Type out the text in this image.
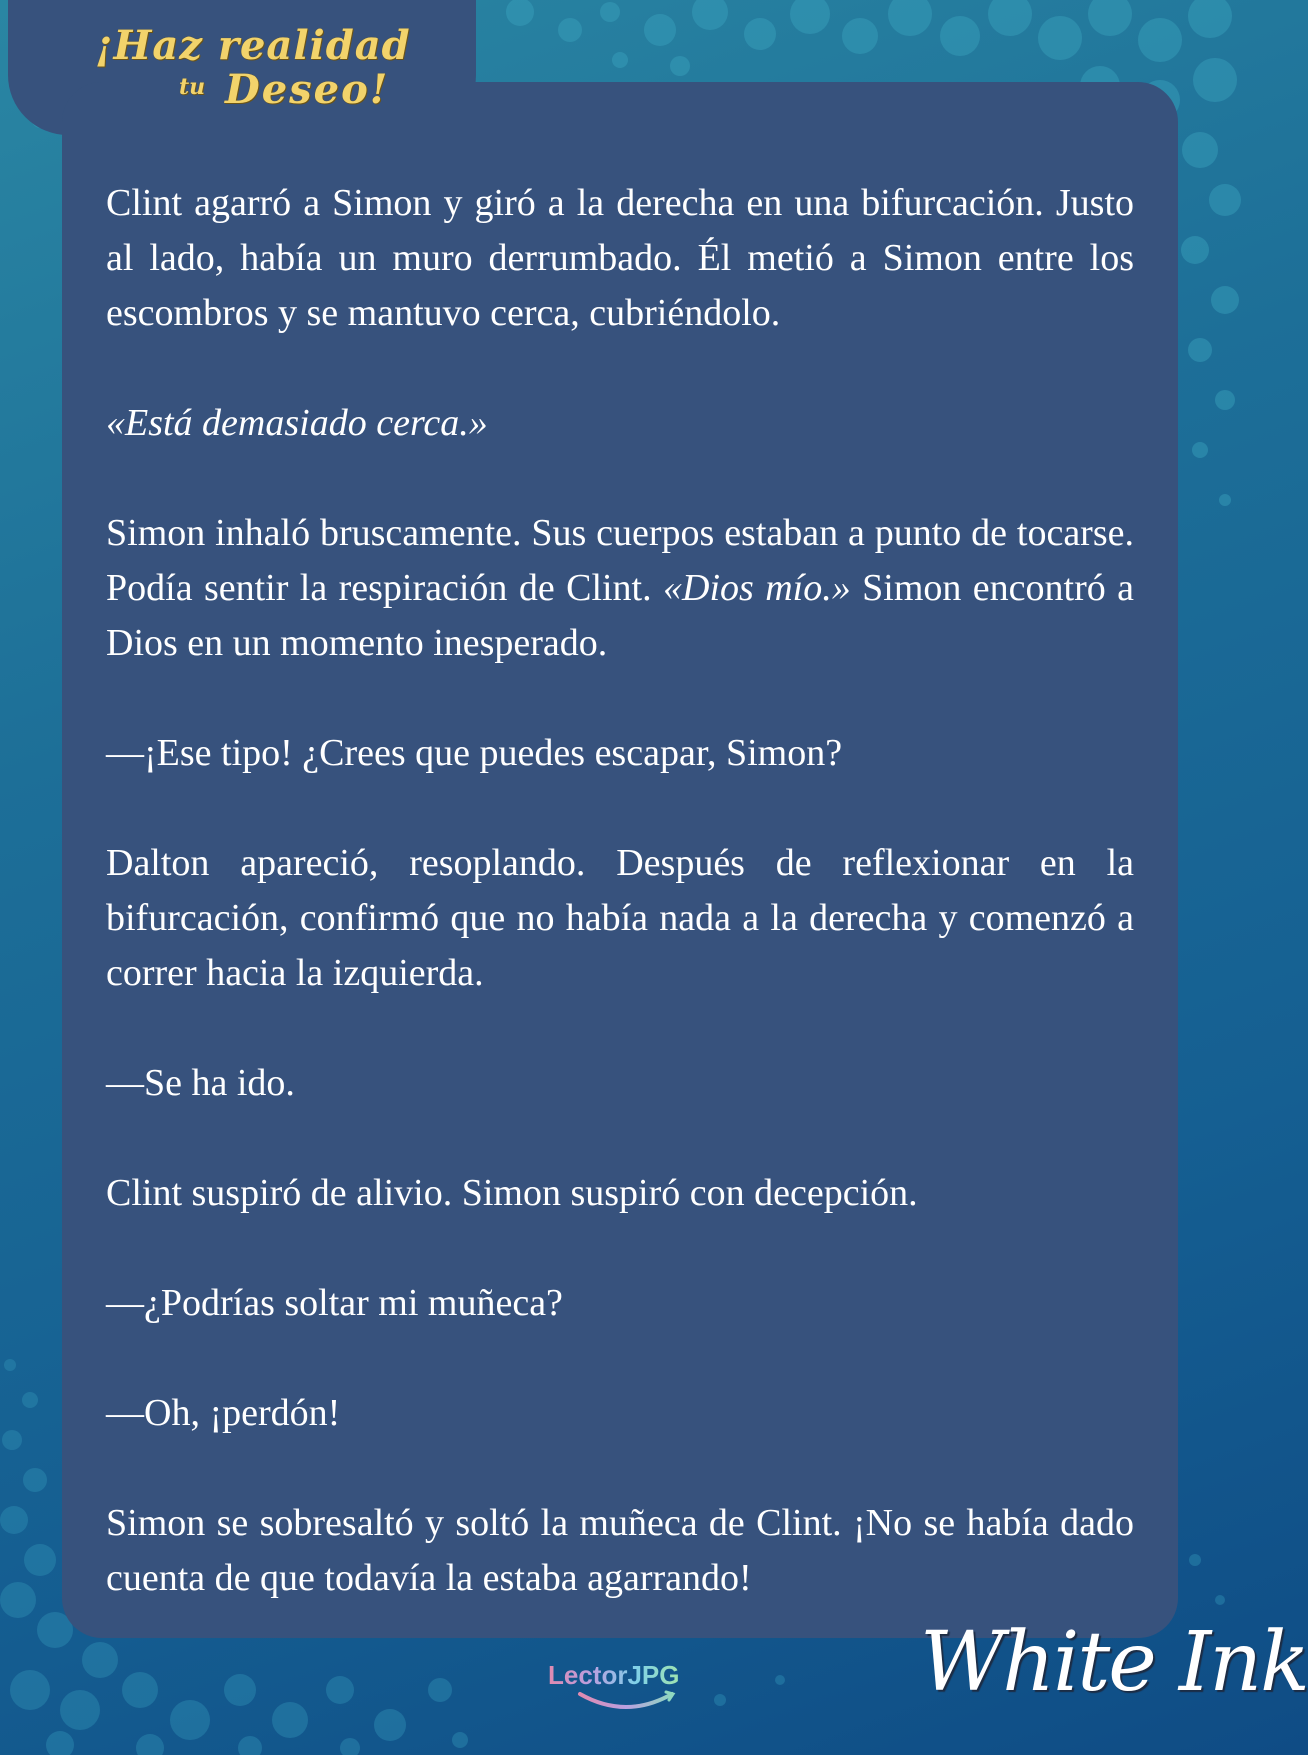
¡Haz realidad
tu Deseo!

Clint agarró a Simon y giró a la derecha en una bifurcación. Justo al lado, había un muro derrumbado. Él metió a Simon entre los escombros y se mantuvo cerca, cubriéndolo.

«Está demasiado cerca.»

Simon inhaló bruscamente. Sus cuerpos estaban a punto de tocarse. Podía sentir la respiración de Clint. «Dios mío.» Simon encontró a Dios en un momento inesperado.

—¡Ese tipo! ¿Crees que puedes escapar, Simon?

Dalton apareció, resoplando. Después de reflexionar en la bifurcación, confirmó que no había nada a la derecha y comenzó a correr hacia la izquierda.

—Se ha ido.

Clint suspiró de alivio. Simon suspiró con decepción.

—¿Podrías soltar mi muñeca?

—Oh, ¡perdón!

Simon se sobresaltó y soltó la muñeca de Clint. ¡No se había dado cuenta de que todavía la estaba agarrando!

LectorJPG	White Ink
